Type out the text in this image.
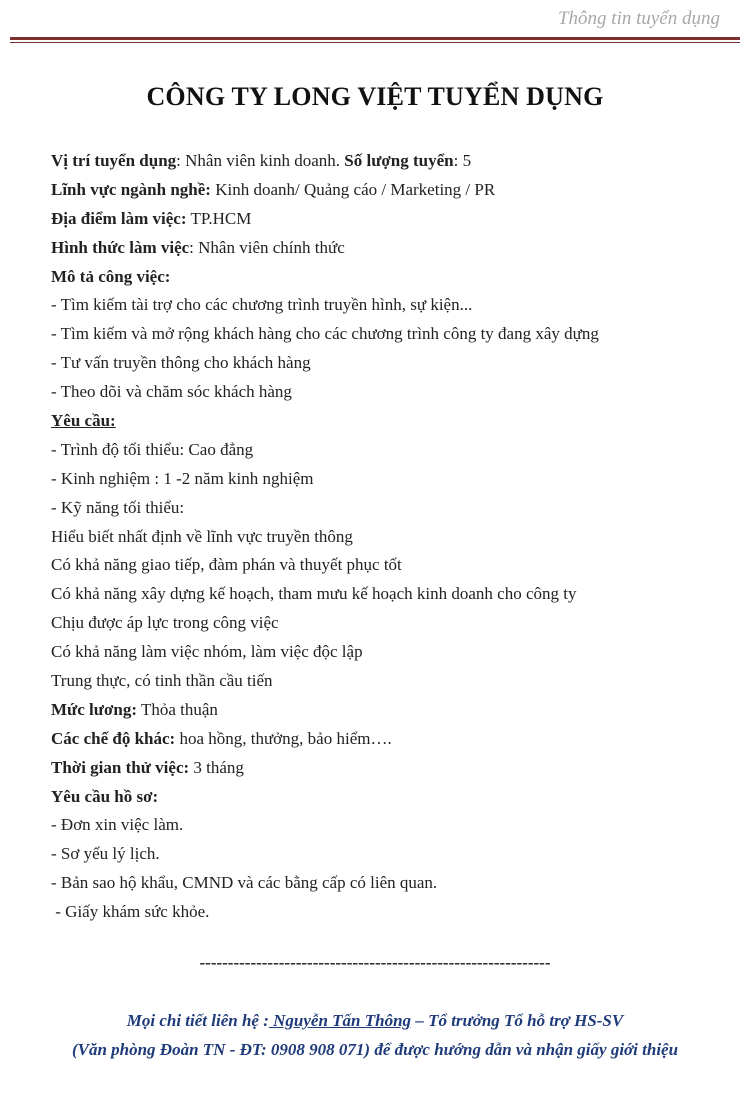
Thông tin tuyển dụng
CÔNG TY LONG VIỆT TUYỂN DỤNG
Vị trí tuyển dụng: Nhân viên kinh doanh. Số lượng tuyển: 5
Lĩnh vực ngành nghề: Kinh doanh/ Quảng cáo / Marketing / PR
Địa điểm làm việc: TP.HCM
Hình thức làm việc: Nhân viên chính thức
Mô tả công việc:
- Tìm kiếm tài trợ cho các chương trình truyền hình, sự kiện...
- Tìm kiếm và mở rộng khách hàng cho các chương trình công ty đang xây dựng
- Tư vấn truyền thông cho khách hàng
- Theo dõi và chăm sóc khách hàng
Yêu cầu:
- Trình độ tối thiểu: Cao đẳng
- Kinh nghiệm : 1 -2 năm kinh nghiệm
- Kỹ năng tối thiểu:
Hiểu biết nhất định về lĩnh vực truyền thông
Có khả năng giao tiếp, đàm phán và thuyết phục tốt
Có khả năng xây dựng kế hoạch, tham mưu kế hoạch kinh doanh cho công ty
Chịu được áp lực trong công việc
Có khả năng làm việc nhóm, làm việc độc lập
Trung thực, có tinh thần cầu tiến
Mức lương: Thỏa thuận
Các chế độ khác: hoa hồng, thưởng, bảo hiểm….
Thời gian thử việc: 3 tháng
Yêu cầu hồ sơ:
- Đơn xin việc làm.
- Sơ yếu lý lịch.
- Bản sao hộ khẩu, CMND và các bằng cấp có liên quan.
- Giấy khám sức khỏe.
--------------------------------------------------------------
Mọi chi tiết liên hệ : Nguyễn Tấn Thông – Tổ trưởng Tổ hỗ trợ HS-SV
(Văn phòng Đoàn TN - ĐT: 0908 908 071) để được hướng dẫn và nhận giấy giới thiệu
